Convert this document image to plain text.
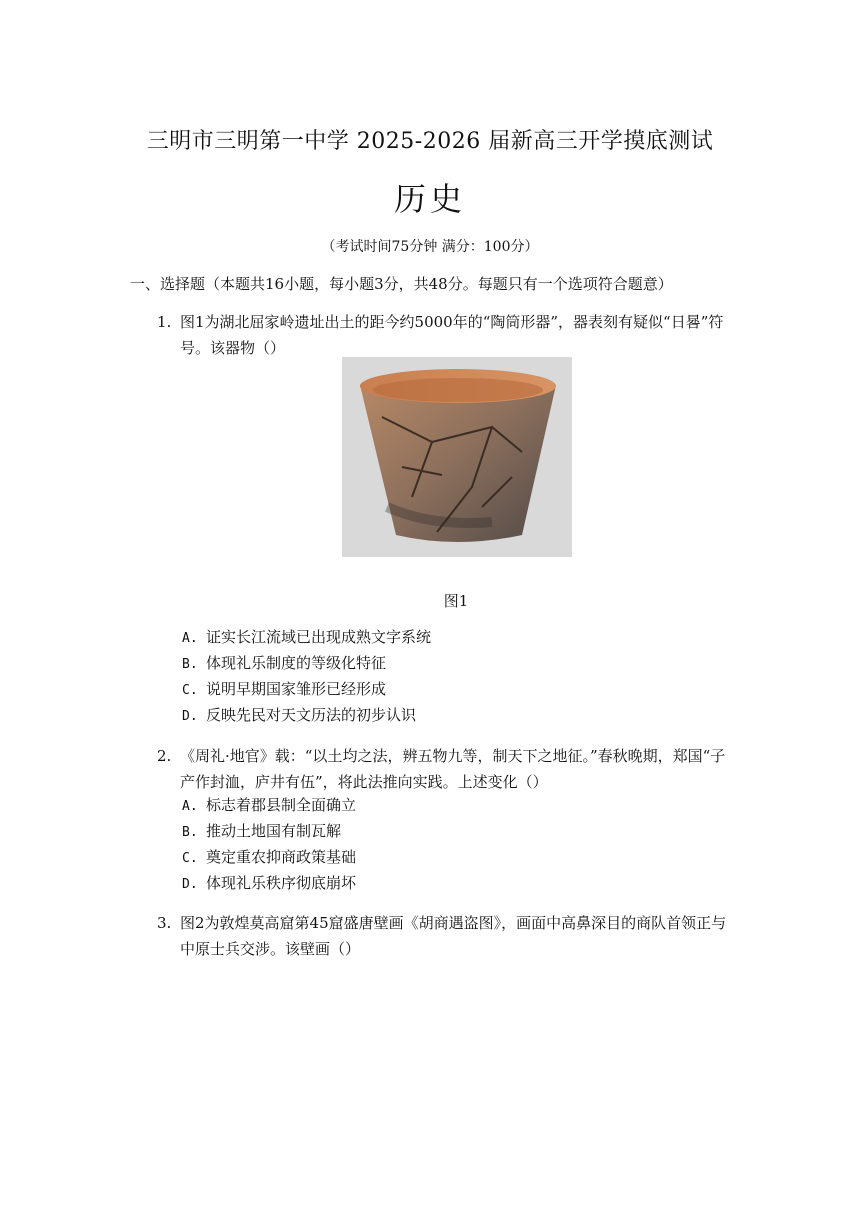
三明市三明第一中学 2025-2026 届新高三开学摸底测试
历史
（考试时间75分钟 满分：100分）
一、选择题（本题共16小题，每小题3分，共48分。每题只有一个选项符合题意）
1. 图1为湖北屈家岭遗址出土的距今约5000年的“陶筒形器”，器表刻有疑似“日晷”符号。该器物（）
图1
A. 证实长江流域已出现成熟文字系统
B. 体现礼乐制度的等级化特征
C. 说明早期国家雏形已经形成
D. 反映先民对天文历法的初步认识
2. 《周礼·地官》载：“以土均之法，辨五物九等，制天下之地征。”春秋晚期，郑国“子产作封洫，庐井有伍”，将此法推向实践。上述变化（）
A. 标志着郡县制全面确立
B. 推动土地国有制瓦解
C. 奠定重农抑商政策基础
D. 体现礼乐秩序彻底崩坏
3. 图2为敦煌莫高窟第45窟盛唐壁画《胡商遇盗图》，画面中高鼻深目的商队首领正与中原士兵交涉。该壁画（）
